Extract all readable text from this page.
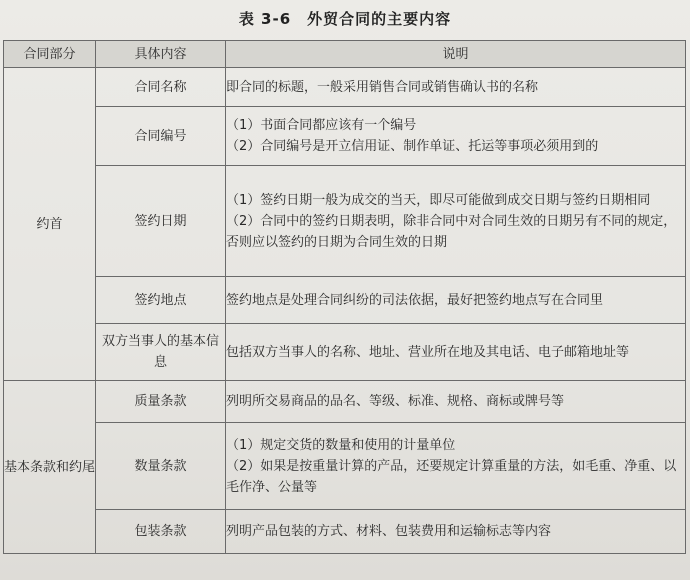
表 3-6　外贸合同的主要内容
合同部分	具体内容	说明
约首	合同名称	即合同的标题，一般采用销售合同或销售确认书的名称

	合同编号	（1）书面合同都应该有一个编号
（2）合同编号是开立信用证、制作单证、托运等事项必须用到的

	签约日期	（1）签约日期一般为成交的当天，即尽可能做到成交日期与签约日期相同
（2）合同中的签约日期表明，除非合同中对合同生效的日期另有不同的规定，否则应以签约的日期为合同生效的日期

	签约地点	签约地点是处理合同纠纷的司法依据，最好把签约地点写在合同里

	双方当事人的基本信息	包括双方当事人的名称、地址、营业所在地及其电话、电子邮箱地址等

基本条款和约尾	质量条款	列明所交易商品的品名、等级、标准、规格、商标或牌号等

	数量条款	（1）规定交货的数量和使用的计量单位
（2）如果是按重量计算的产品，还要规定计算重量的方法，如毛重、净重、以毛作净、公量等

	包装条款	列明产品包装的方式、材料、包装费用和运输标志等内容
